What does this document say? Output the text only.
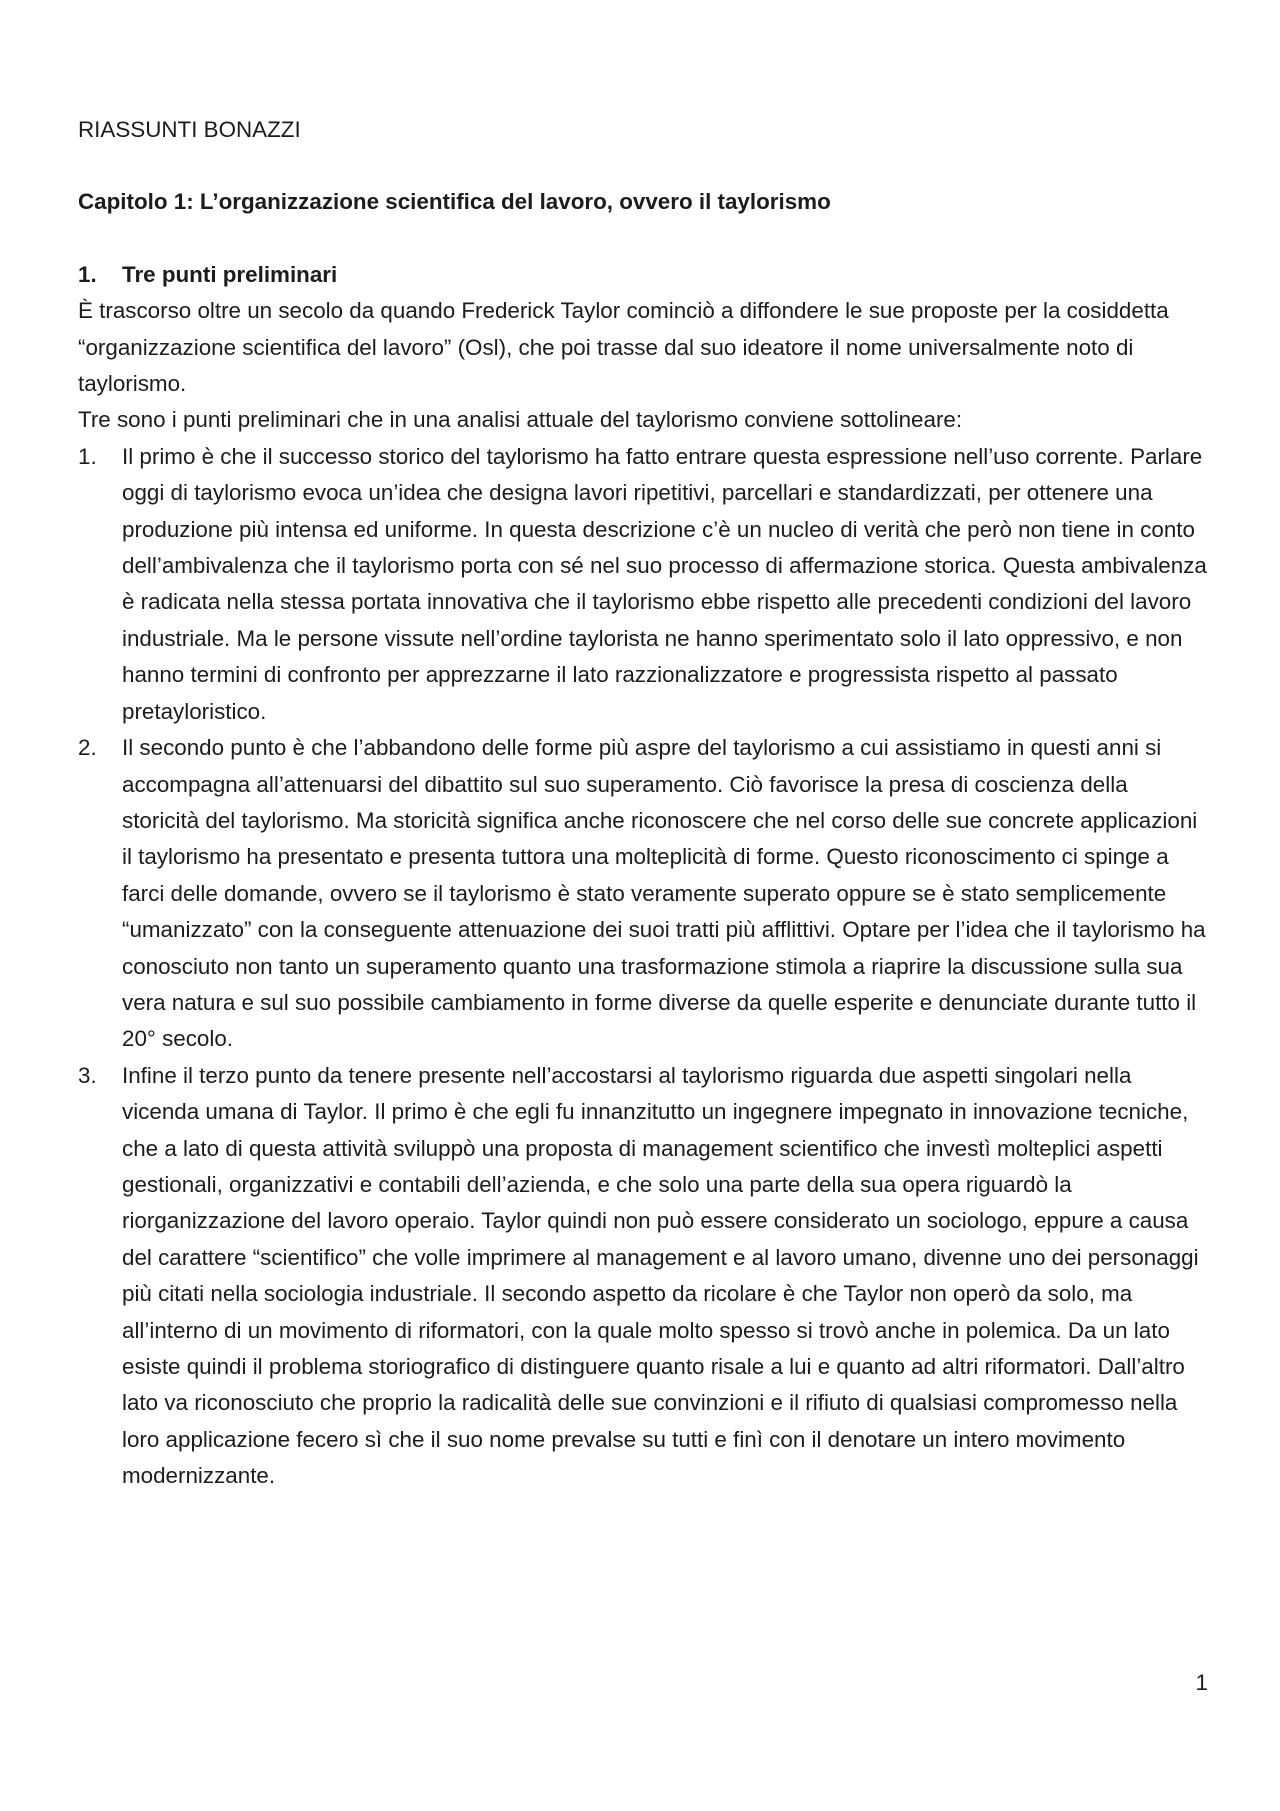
RIASSUNTI BONAZZI
Capitolo 1: L’organizzazione scientifica del lavoro, ovvero il taylorismo
1.	Tre punti preliminari

È trascorso oltre un secolo da quando Frederick Taylor cominciò a diffondere le sue proposte per la cosiddetta “organizzazione scientifica del lavoro” (Osl), che poi trasse dal suo ideatore il nome universalmente noto di taylorismo.

Tre sono i punti preliminari che in una analisi attuale del taylorismo conviene sottolineare:

1.	Il primo è che il successo storico del taylorismo ha fatto entrare questa espressione nell’uso corrente. Parlare oggi di taylorismo evoca un’idea che designa lavori ripetitivi, parcellari e standardizzati, per ottenere una produzione più intensa ed uniforme. In questa descrizione c’è un nucleo di verità che però non tiene in conto dell’ambivalenza che il taylorismo porta con sé nel suo processo di affermazione storica. Questa ambivalenza è radicata nella stessa portata innovativa che il taylorismo ebbe rispetto alle precedenti condizioni del lavoro industriale. Ma le persone vissute nell’ordine taylorista ne hanno sperimentato solo il lato oppressivo, e non hanno termini di confronto per apprezzarne il lato razzionalizzatore e progressista rispetto al passato pretayloristico.
2.	Il secondo punto è che l’abbandono delle forme più aspre del taylorismo a cui assistiamo in questi anni si accompagna all’attenuarsi del dibattito sul suo superamento. Ciò favorisce la presa di coscienza della storicità del taylorismo. Ma storicità significa anche riconoscere che nel corso delle sue concrete applicazioni il taylorismo ha presentato e presenta tuttora una molteplicità di forme. Questo riconoscimento ci spinge a farci delle domande, ovvero se il taylorismo è stato veramente superato oppure se è stato semplicemente “umanizzato” con la conseguente attenuazione dei suoi tratti più afflittivi. Optare per l’idea che il taylorismo ha conosciuto non tanto un superamento quanto una trasformazione stimola a riaprire la discussione sulla sua vera natura e sul suo possibile cambiamento in forme diverse da quelle esperite e denunciate durante tutto il 20° secolo.
3.	Infine il terzo punto da tenere presente nell’accostarsi al taylorismo riguarda due aspetti singolari nella vicenda umana di Taylor. Il primo è che egli fu innanzitutto un ingegnere impegnato in innovazione tecniche, che a lato di questa attività sviluppò una proposta di management scientifico che investì molteplici aspetti gestionali, organizzativi e contabili dell’azienda, e che solo una parte della sua opera riguardò la riorganizzazione del lavoro operaio. Taylor quindi non può essere considerato un sociologo, eppure a causa del carattere “scientifico” che volle imprimere al management e al lavoro umano, divenne uno dei personaggi più citati nella sociologia industriale. Il secondo aspetto da ricolare è che Taylor non operò da solo, ma all’interno di un movimento di riformatori, con la quale molto spesso si trovò anche in polemica. Da un lato esiste quindi il problema storiografico di distinguere quanto risale a lui e quanto ad altri riformatori. Dall’altro lato va riconosciuto che proprio la radicalità delle sue convinzioni e il rifiuto di qualsiasi compromesso nella loro applicazione fecero sì che il suo nome prevalse su tutti e finì con il denotare un intero movimento modernizzante.
1
